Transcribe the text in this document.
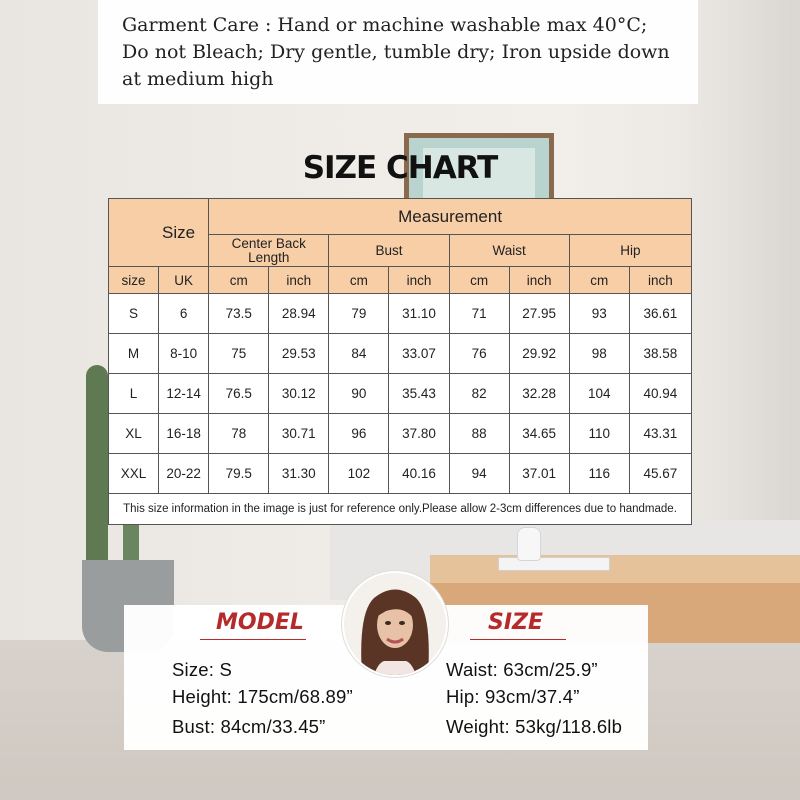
Garment Care : Hand or machine washable max 40°C;
Do not Bleach; Dry gentle, tumble dry; Iron upside down
at medium high
SIZE CHART
Size		Measurement							
		Center Back Length		Bust		Waist		Hip	
size	UK	cm	inch	cm	inch	cm	inch	cm	inch
S	6	73.5	28.94	79	31.10	71	27.95	93	36.61
M	8-10	75	29.53	84	33.07	76	29.92	98	38.58
L	12-14	76.5	30.12	90	35.43	82	32.28	104	40.94
XL	16-18	78	30.71	96	37.80	88	34.65	110	43.31
XXL	20-22	79.5	31.30	102	40.16	94	37.01	116	45.67
This size information in the image is just for reference only.Please allow 2-3cm differences due to handmade.									
MODEL	SIZE
Size: S
Height: 175cm/68.89”
Bust: 84cm/33.45”
Waist: 63cm/25.9”
Hip: 93cm/37.4”
Weight: 53kg/118.6lb
